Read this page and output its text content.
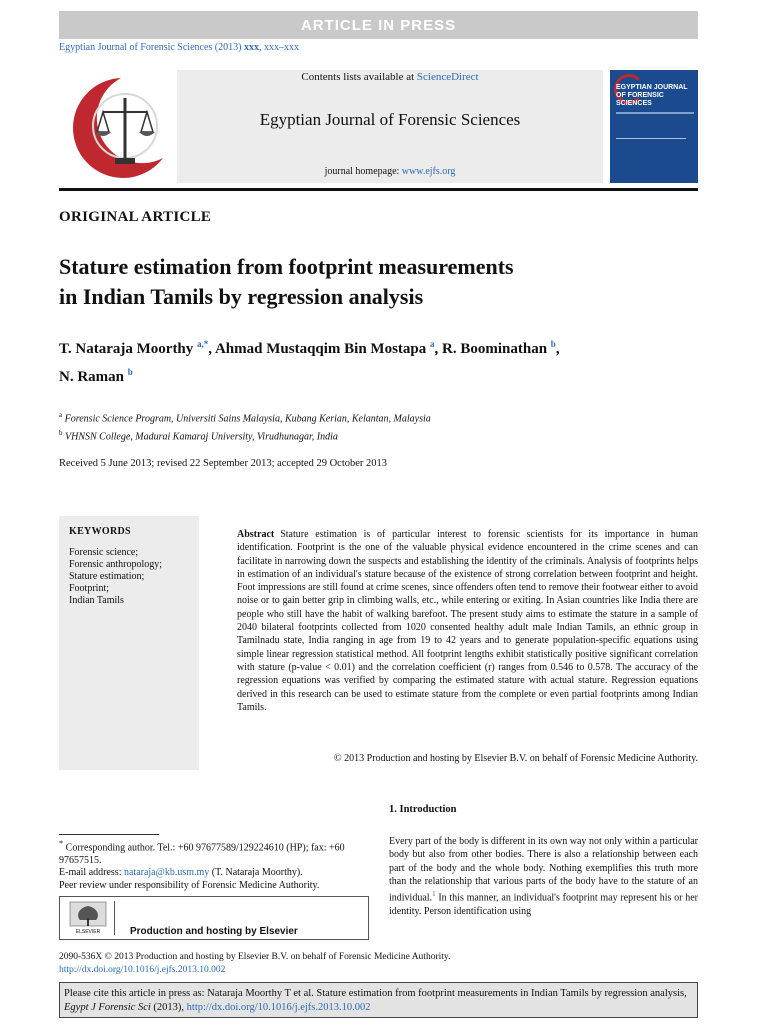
ARTICLE IN PRESS
Egyptian Journal of Forensic Sciences (2013) xxx, xxx–xxx
Contents lists available at ScienceDirect
Egyptian Journal of Forensic Sciences
journal homepage: www.ejfs.org
EGYPTIAN JOURNAL OF FORENSIC SCIENCES
ORIGINAL ARTICLE
Stature estimation from footprint measurements
in Indian Tamils by regression analysis
T. Nataraja Moorthy $^{a,*}$, Ahmad Mustaqqim Bin Mostapa $^a$, R. Boominathan $^b$,
N. Raman $^b$
$^a$ Forensic Science Program, Universiti Sains Malaysia, Kubang Kerian, Kelantan, Malaysia
$^b$ VHNSN College, Madurai Kamaraj University, Virudhunagar, India
Received 5 June 2013; revised 22 September 2013; accepted 29 October 2013
KEYWORDS
Forensic science;
Forensic anthropology;
Stature estimation;
Footprint;
Indian Tamils
Abstract Stature estimation is of particular interest to forensic scientists for its importance in human identification. Footprint is the one of the valuable physical evidence encountered in the crime scenes and can facilitate in narrowing down the suspects and establishing the identity of the criminals. Analysis of footprints helps in estimation of an individual's stature because of the existence of strong correlation between footprint and height. Foot impressions are still found at crime scenes, since offenders often tend to remove their footwear either to avoid noise or to gain better grip in climbing walls, etc., while entering or exiting. In Asian countries like India there are people who still have the habit of walking barefoot. The present study aims to estimate the stature in a sample of 2040 bilateral footprints collected from 1020 consented healthy adult male Indian Tamils, an ethnic group in Tamilnadu state, India ranging in age from 19 to 42 years and to generate population-specific equations using simple linear regression statistical method. All footprint lengths exhibit statistically positive significant correlation with stature (p-value < 0.01) and the correlation coefficient (r) ranges from 0.546 to 0.578. The accuracy of the regression equations was verified by comparing the estimated stature with actual stature. Regression equations derived in this research can be used to estimate stature from the complete or even partial footprints among Indian Tamils.
© 2013 Production and hosting by Elsevier B.V. on behalf of Forensic Medicine Authority.
1. Introduction
Every part of the body is different in its own way not only within a particular body but also from other bodies. There is also a relationship between each part of the body and the whole body. Nothing exemplifies this truth more than the relationship that various parts of the body have to the stature of an individual.$^1$ In this manner, an individual's footprint may represent his or her identity. Person identification using
* Corresponding author. Tel.: +60 97677589/129224610 (HP); fax: +60 97657515.
E-mail address: nataraja@kb.usm.my (T. Nataraja Moorthy).
Peer review under responsibility of Forensic Medicine Authority.
ELSEVIER	Production and hosting by Elsevier
2090-536X © 2013 Production and hosting by Elsevier B.V. on behalf of Forensic Medicine Authority.
http://dx.doi.org/10.1016/j.ejfs.2013.10.002
Please cite this article in press as: Nataraja Moorthy T et al. Stature estimation from footprint measurements in Indian Tamils by regression analysis, Egypt J Forensic Sci (2013), http://dx.doi.org/10.1016/j.ejfs.2013.10.002
